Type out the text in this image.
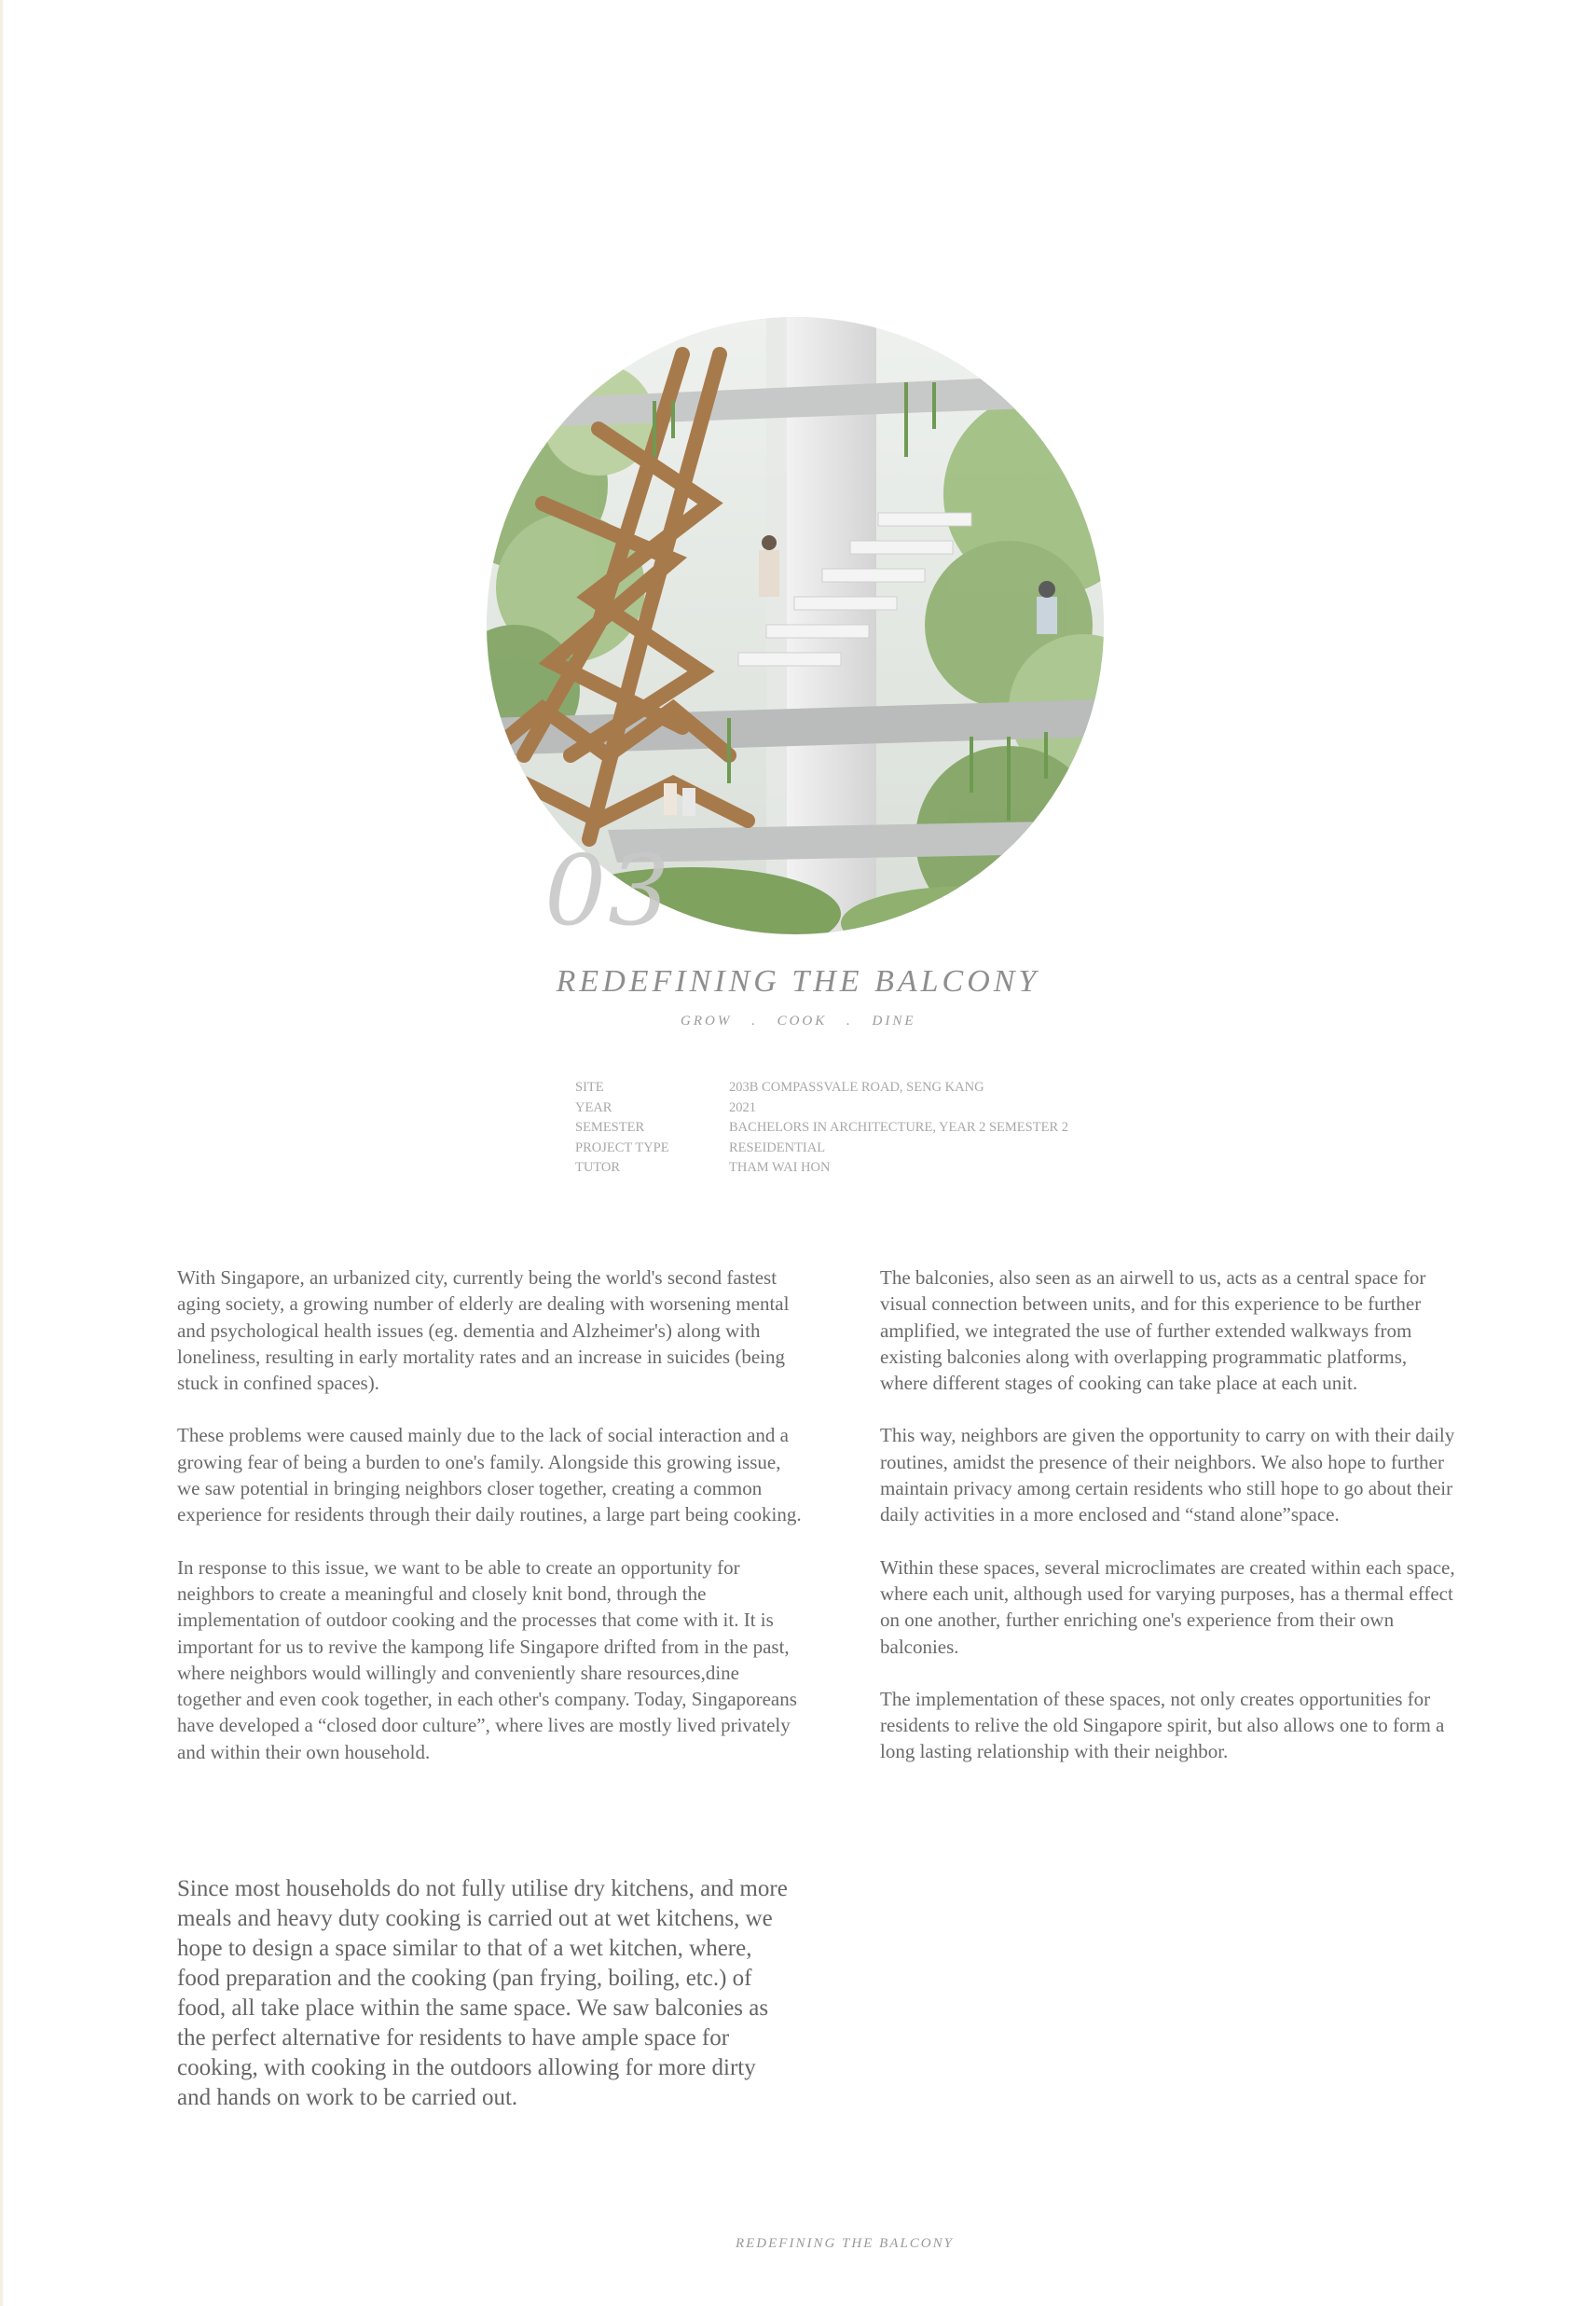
03
REDEFINING THE BALCONY
GROW . COOK . DINE
SITE	203B COMPASSVALE ROAD, SENG KANG
YEAR	2021
SEMESTER	BACHELORS IN ARCHITECTURE, YEAR 2 SEMESTER 2
PROJECT TYPE	RESEIDENTIAL
TUTOR	THAM WAI HON

With Singapore, an urbanized city, currently being the world's second fastest aging society, a growing number of elderly are dealing with worsening mental and psychological health issues (eg. dementia and Alzheimer's) along with loneliness, resulting in early mortality rates and an increase in suicides (being stuck in confined spaces).

These problems were caused mainly due to the lack of social interaction and a growing fear of being a burden to one's family. Alongside this growing issue, we saw potential in bringing neighbors closer together, creating a common experience for residents through their daily routines, a large part being cooking.

In response to this issue, we want to be able to create an opportunity for neighbors to create a meaningful and closely knit bond, through the implementation of outdoor cooking and the processes that come with it. It is important for us to revive the kampong life Singapore drifted from in the past, where neighbors would willingly and conveniently share resources,dine together and even cook together, in each other's company. Today, Singaporeans have developed a “closed door culture”, where lives are mostly lived privately and within their own household.

Since most households do not fully utilise dry kitchens, and more meals and heavy duty cooking is carried out at wet kitchens, we hope to design a space similar to that of a wet kitchen, where, food preparation and the cooking (pan frying, boiling, etc.) of food, all take place within the same space. We saw balconies as the perfect alternative for residents to have ample space for cooking, with cooking in the outdoors allowing for more dirty and hands on work to be carried out.

The balconies, also seen as an airwell to us, acts as a central space for visual connection between units, and for this experience to be further amplified, we integrated the use of further extended walkways from existing balconies along with overlapping programmatic platforms, where different stages of cooking can take place at each unit.

This way, neighbors are given the opportunity to carry on with their daily routines, amidst the presence of their neighbors. We also hope to further maintain privacy among certain residents who still hope to go about their daily activities in a more enclosed and “stand alone”space.

Within these spaces, several microclimates are created within each space, where each unit, although used for varying purposes, has a thermal effect on one another, further enriching one's experience from their own balconies.

The implementation of these spaces, not only creates opportunities for residents to relive the old Singapore spirit, but also allows one to form a long lasting relationship with their neighbor.

REDEFINING THE BALCONY
